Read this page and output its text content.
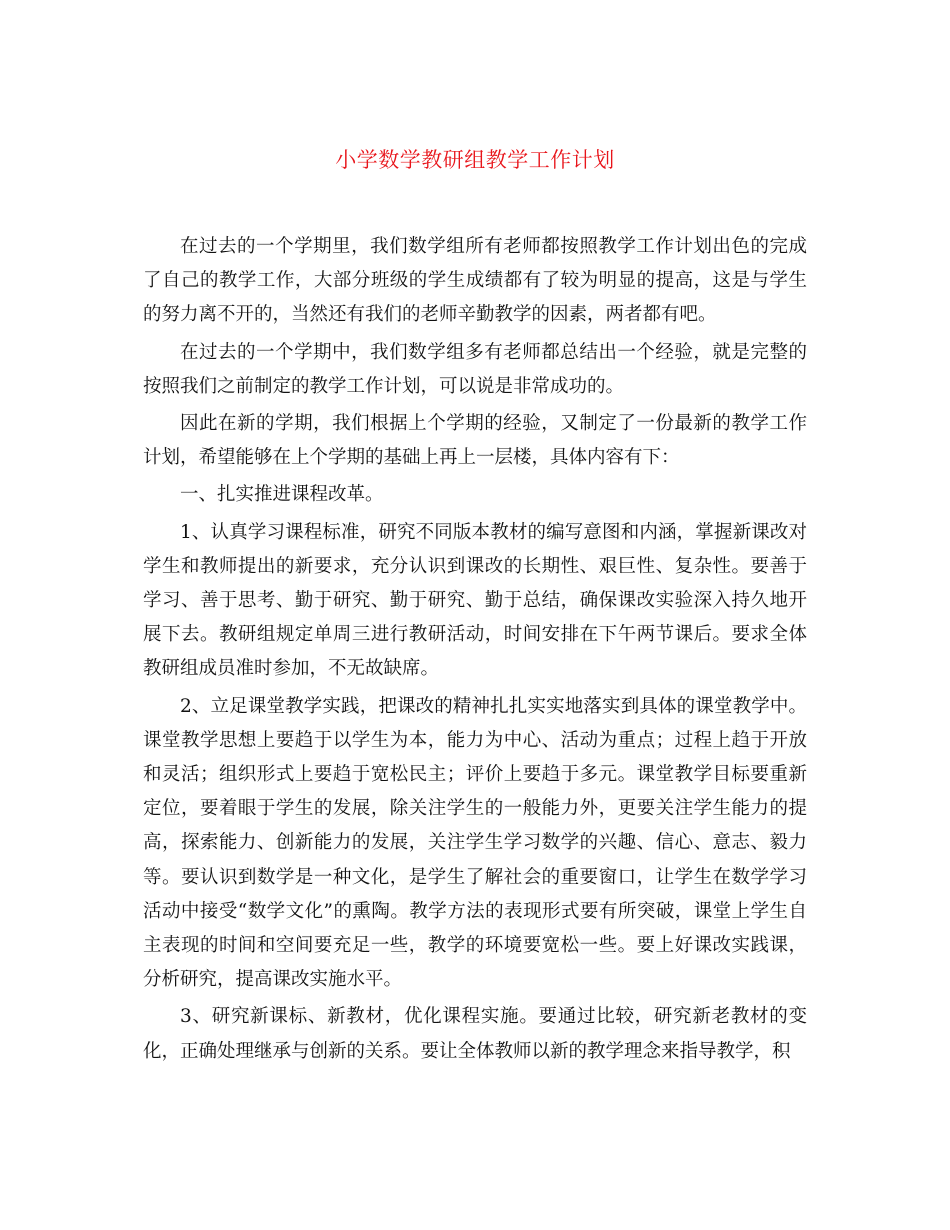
小学数学教研组教学工作计划

在过去的一个学期里，我们数学组所有老师都按照教学工作计划出色的完成了自己的教学工作，大部分班级的学生成绩都有了较为明显的提高，这是与学生的努力离不开的，当然还有我们的老师辛勤教学的因素，两者都有吧。

在过去的一个学期中，我们数学组多有老师都总结出一个经验，就是完整的按照我们之前制定的教学工作计划，可以说是非常成功的。

因此在新的学期，我们根据上个学期的经验，又制定了一份最新的教学工作计划，希望能够在上个学期的基础上再上一层楼，具体内容有下：

一、扎实推进课程改革。

1、认真学习课程标准，研究不同版本教材的编写意图和内涵，掌握新课改对学生和教师提出的新要求，充分认识到课改的长期性、艰巨性、复杂性。要善于学习、善于思考、勤于研究、勤于研究、勤于总结，确保课改实验深入持久地开展下去。教研组规定单周三进行教研活动，时间安排在下午两节课后。要求全体教研组成员准时参加，不无故缺席。

2、立足课堂教学实践，把课改的精神扎扎实实地落实到具体的课堂教学中。课堂教学思想上要趋于以学生为本，能力为中心、活动为重点；过程上趋于开放和灵活；组织形式上要趋于宽松民主；评价上要趋于多元。课堂教学目标要重新定位，要着眼于学生的发展，除关注学生的一般能力外，更要关注学生能力的提高，探索能力、创新能力的发展，关注学生学习数学的兴趣、信心、意志、毅力等。要认识到数学是一种文化，是学生了解社会的重要窗口，让学生在数学学习活动中接受“数学文化”的熏陶。教学方法的表现形式要有所突破，课堂上学生自主表现的时间和空间要充足一些，教学的环境要宽松一些。要上好课改实践课，分析研究，提高课改实施水平。

3、研究新课标、新教材，优化课程实施。要通过比较，研究新老教材的变化，正确处理继承与创新的关系。要让全体教师以新的教学理念来指导教学，积
